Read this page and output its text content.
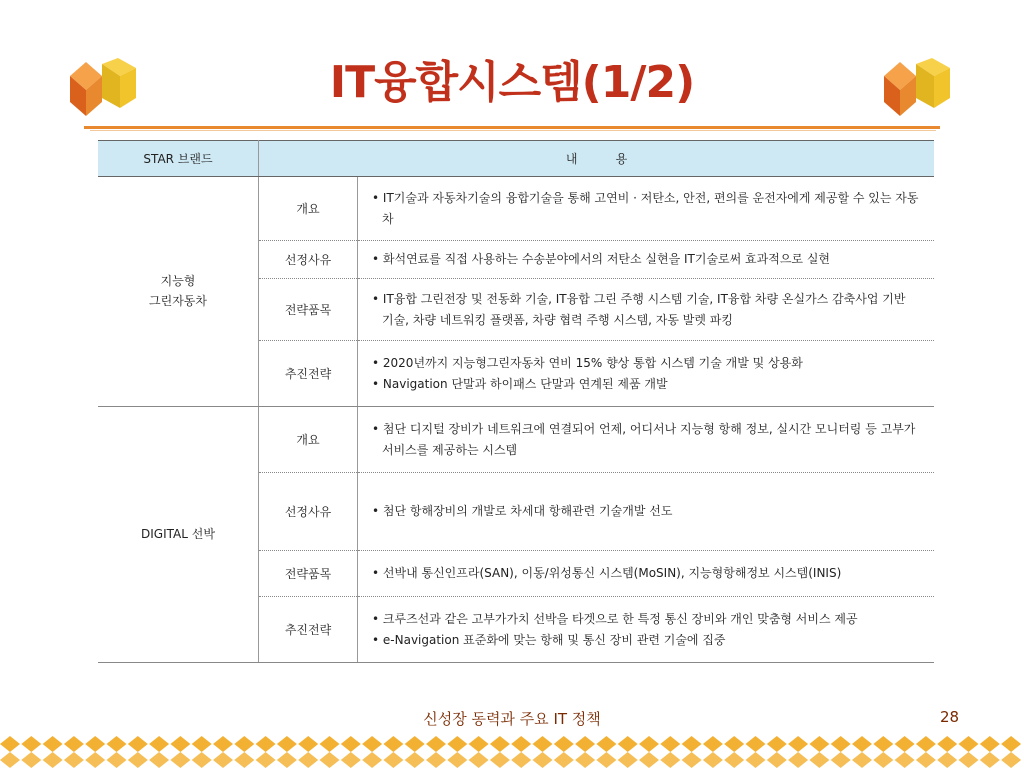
IT융합시스템(1/2)
STAR 브랜드	내          용	
지능형
그린자동차	개요	• IT기술과 자동차기술의 융합기술을 통해 고연비 · 저탄소, 안전, 편의를 운전자에게 제공할 수 있는 자동차

	선정사유	• 화석연료를 직접 사용하는 수송분야에서의 저탄소 실현을 IT기술로써 효과적으로 실현

	전략품목	• IT융합 그린전장 및 전동화 기술, IT융합 그린 주행 시스템 기술, IT융합 차량 온실가스 감축사업 기반 기술, 차량 네트워킹 플랫폼, 차량 협력 주행 시스템, 자동 발렛 파킹

	추진전략	• 2020년까지 지능형그린자동차 연비 15% 향상 통합 시스템 기술 개발 및 상용화
• Navigation 단말과 하이패스 단말과 연계된 제품 개발

DIGITAL 선박	개요	• 첨단 디지털 장비가 네트워크에 연결되어 언제, 어디서나 지능형 항해 정보, 실시간 모니터링 등 고부가 서비스를 제공하는 시스템

	선정사유	• 첨단 항해장비의 개발로 차세대 항해관련 기술개발 선도

	전략품목	• 선박내 통신인프라(SAN), 이동/위성통신 시스템(MoSIN), 지능형항해정보 시스템(INIS)

	추진전략	• 크루즈선과 같은 고부가가치 선박을 타겟으로 한 특정 통신 장비와 개인 맞춤형 서비스 제공
• e-Navigation 표준화에 맞는 항해 및 통신 장비 관련 기술에 집중
신성장 동력과 주요 IT 정책	28
